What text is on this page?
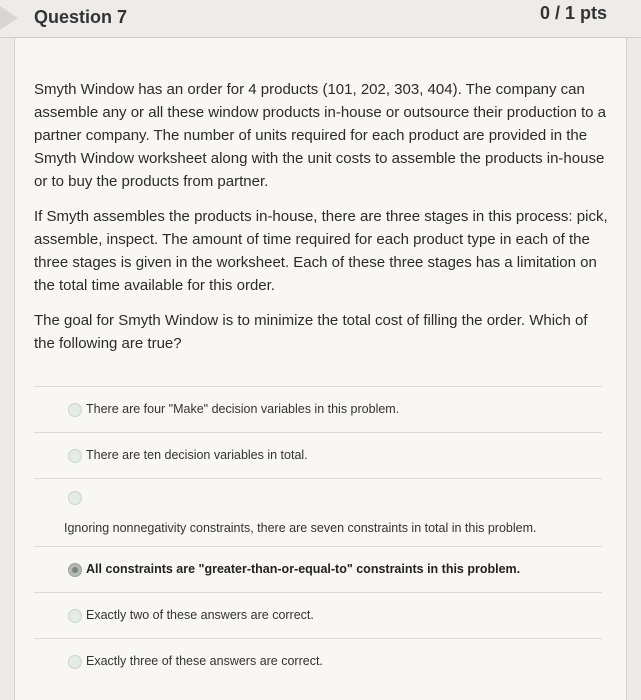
Question 7	0 / 1 pts

Smyth Window has an order for 4 products (101, 202, 303, 404). The company can assemble any or all these window products in-house or outsource their production to a partner company. The number of units required for each product are provided in the Smyth Window worksheet along with the unit costs to assemble the products in-house or to buy the products from partner.

If Smyth assembles the products in-house, there are three stages in this process: pick, assemble, inspect. The amount of time required for each product type in each of the three stages is given in the worksheet. Each of these three stages has a limitation on the total time available for this order.

The goal for Smyth Window is to minimize the total cost of filling the order. Which of the following are true?

There are four "Make" decision variables in this problem.
There are ten decision variables in total.
Ignoring nonnegativity constraints, there are seven constraints in total in this problem.
All constraints are "greater-than-or-equal-to" constraints in this problem.
Exactly two of these answers are correct.
Exactly three of these answers are correct.
